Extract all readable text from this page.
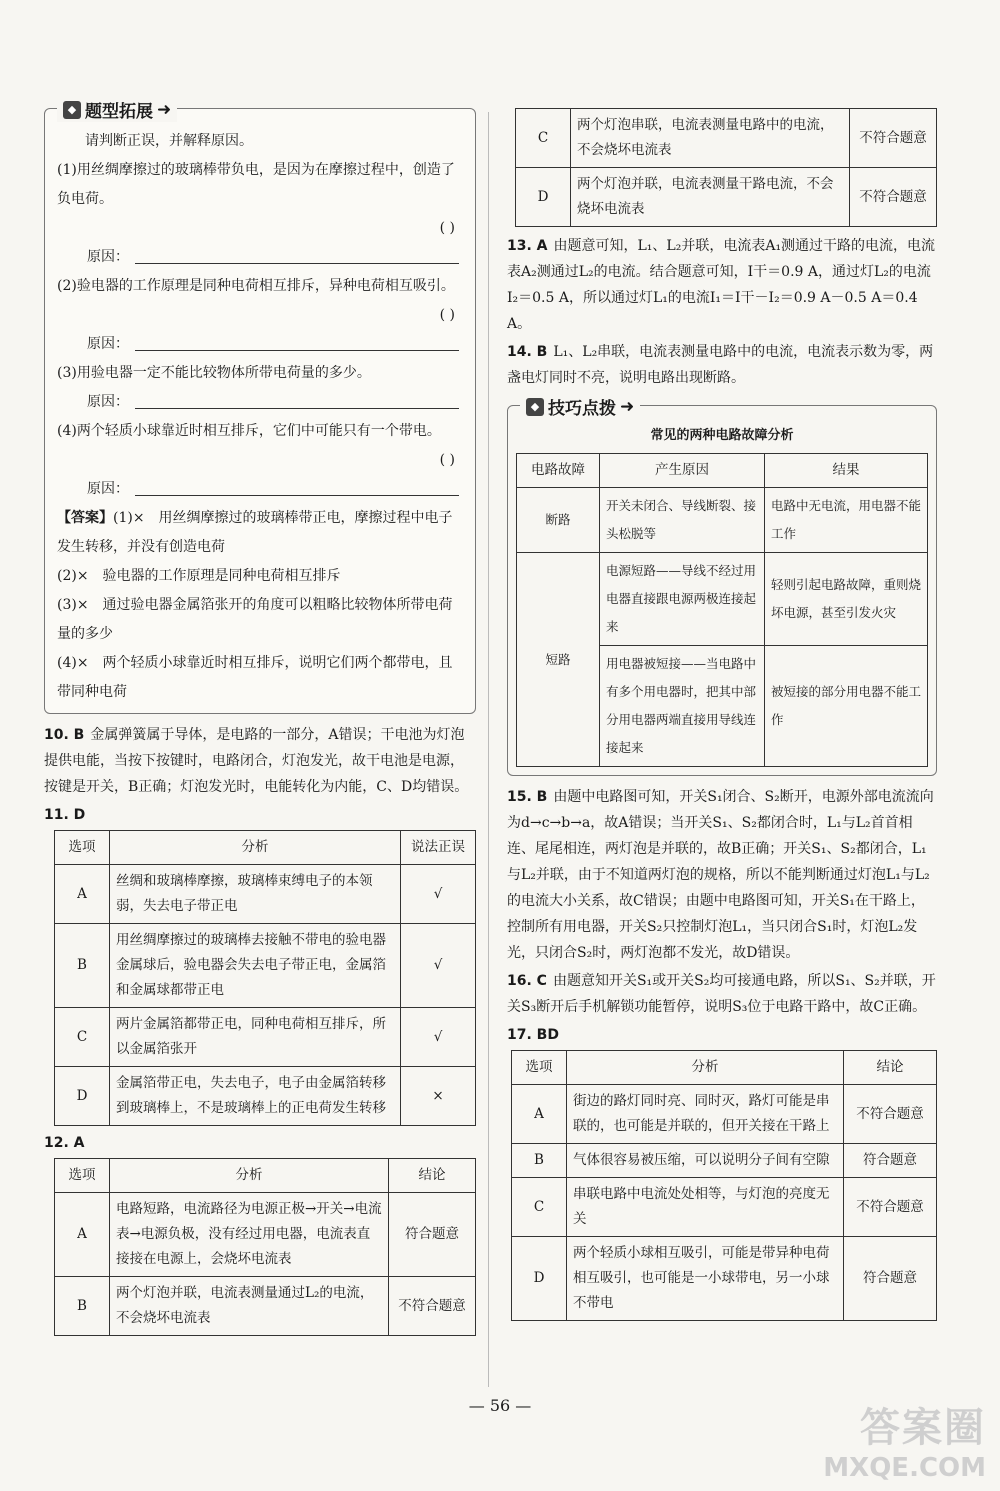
◆ 题型拓展 ➜

请判断正误，并解释原因。

(1)用丝绸摩擦过的玻璃棒带负电，是因为在摩擦过程中，创造了负电荷。

( )

原因：

(2)验电器的工作原理是同种电荷相互排斥，异种电荷相互吸引。

( )

原因：

(3)用验电器一定不能比较物体所带电荷量的多少。

原因：

(4)两个轻质小球靠近时相互排斥，它们中可能只有一个带电。

( )

原因：

【答案】(1)×　用丝绸摩擦过的玻璃棒带正电，摩擦过程中电子发生转移，并没有创造电荷

(2)×　验电器的工作原理是同种电荷相互排斥

(3)×　通过验电器金属箔张开的角度可以粗略比较物体所带电荷量的多少

(4)×　两个轻质小球靠近时相互排斥，说明它们两个都带电，且带同种电荷

10. B 金属弹簧属于导体，是电路的一部分，A错误；干电池为灯泡提供电能，当按下按键时，电路闭合，灯泡发光，故干电池是电源，按键是开关，B正确；灯泡发光时，电能转化为内能，C、D均错误。
11. D
选项	分析	说法正误
A	丝绸和玻璃棒摩擦，玻璃棒束缚电子的本领弱，失去电子带正电	√
B	用丝绸摩擦过的玻璃棒去接触不带电的验电器金属球后，验电器会失去电子带正电，金属箔和金属球都带正电	√
C	两片金属箔都带正电，同种电荷相互排斥，所以金属箔张开	√
D	金属箔带正电，失去电子，电子由金属箔转移到玻璃棒上，不是玻璃棒上的正电荷发生转移	×
12. A
选项	分析	结论
A	电路短路，电流路径为电源正极→开关→电流表→电源负极，没有经过用电器，电流表直接接在电源上，会烧坏电流表	符合题意
B	两个灯泡并联，电流表测量通过L₂的电流，不会烧坏电流表	不符合题意
C	两个灯泡串联，电流表测量电路中的电流，不会烧坏电流表	不符合题意
D	两个灯泡并联，电流表测量干路电流，不会烧坏电流表	不符合题意
13. A 由题意可知，L₁、L₂并联，电流表A₁测通过干路的电流，电流表A₂测通过L₂的电流。结合题意可知，I干＝0.9 A，通过灯L₂的电流I₂＝0.5 A，所以通过灯L₁的电流I₁＝I干－I₂＝0.9 A－0.5 A＝0.4 A。
14. B L₁、L₂串联，电流表测量电路中的电流，电流表示数为零，两盏电灯同时不亮，说明电路出现断路。
◆ 技巧点拨 ➜

常见的两种电路故障分析

电路故障	产生原因	结果
断路	开关未闭合、导线断裂、接头松脱等	电路中无电流，用电器不能工作
短路	电源短路——导线不经过用电器直接跟电源两极连接起来	轻则引起电路故障，重则烧坏电源，甚至引发火灾
	用电器被短接——当电路中有多个用电器时，把其中部分用电器两端直接用导线连接起来	被短接的部分用电器不能工作
15. B 由题中电路图可知，开关S₁闭合、S₂断开，电源外部电流流向为d→c→b→a，故A错误；当开关S₁、S₂都闭合时，L₁与L₂首首相连、尾尾相连，两灯泡是并联的，故B正确；开关S₁、S₂都闭合，L₁与L₂并联，由于不知道两灯泡的规格，所以不能判断通过灯泡L₁与L₂的电流大小关系，故C错误；由题中电路图可知，开关S₁在干路上，控制所有用电器，开关S₂只控制灯泡L₁，当只闭合S₁时，灯泡L₂发光，只闭合S₂时，两灯泡都不发光，故D错误。
16. C 由题意知开关S₁或开关S₂均可接通电路，所以S₁、S₂并联，开关S₃断开后手机解锁功能暂停，说明S₃位于电路干路中，故C正确。
17. BD
选项	分析	结论
A	街边的路灯同时亮、同时灭，路灯可能是串联的，也可能是并联的，但开关接在干路上	不符合题意
B	气体很容易被压缩，可以说明分子间有空隙	符合题意
C	串联电路中电流处处相等，与灯泡的亮度无关	不符合题意
D	两个轻质小球相互吸引，可能是带异种电荷相互吸引，也可能是一小球带电，另一小球不带电	符合题意
— 56 —	答案圈
MXQE.COM
